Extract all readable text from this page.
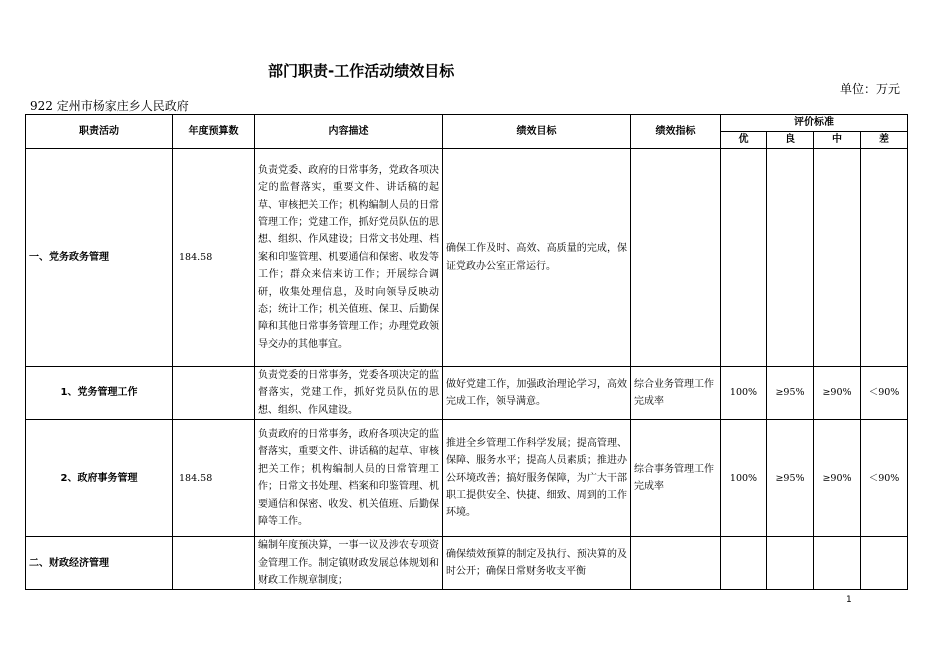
部门职责-工作活动绩效目标
单位：万元
922 定州市杨家庄乡人民政府
职责活动	年度预算数	内容描述	绩效目标	绩效指标	评价标准			
					优	良	中	差
一、党务政务管理	184.58	负责党委、政府的日常事务，党政各项决定的监督落实，重要文件、讲话稿的起草、审核把关工作；机构编制人员的日常管理工作；党建工作，抓好党员队伍的思想、组织、作风建设；日常文书处理、档案和印鉴管理、机要通信和保密、收发等工作；群众来信来访工作；开展综合调研，收集处理信息，及时向领导反映动态；统计工作；机关值班、保卫、后勤保障和其他日常事务管理工作；办理党政领导交办的其他事宜。	确保工作及时、高效、高质量的完成，保证党政办公室正常运行。					
1、党务管理工作		负责党委的日常事务，党委各项决定的监督落实，党建工作，抓好党员队伍的思想、组织、作风建设。	做好党建工作，加强政治理论学习，高效完成工作，领导满意。	综合业务管理工作完成率	100%	≥95%	≥90%	＜90%
2、政府事务管理	184.58	负责政府的日常事务，政府各项决定的监督落实，重要文件、讲话稿的起草、审核把关工作；机构编制人员的日常管理工作；日常文书处理、档案和印鉴管理、机要通信和保密、收发、机关值班、后勤保障等工作。	推进全乡管理工作科学发展；提高管理、保障、服务水平；提高人员素质；推进办公环境改善；搞好服务保障，为广大干部职工提供安全、快捷、细致、周到的工作环境。	综合事务管理工作完成率	100%	≥95%	≥90%	＜90%
二、财政经济管理		编制年度预决算，一事一议及涉农专项资金管理工作。制定镇财政发展总体规划和财政工作规章制度；	确保绩效预算的制定及执行、预决算的及时公开；确保日常财务收支平衡					
1
